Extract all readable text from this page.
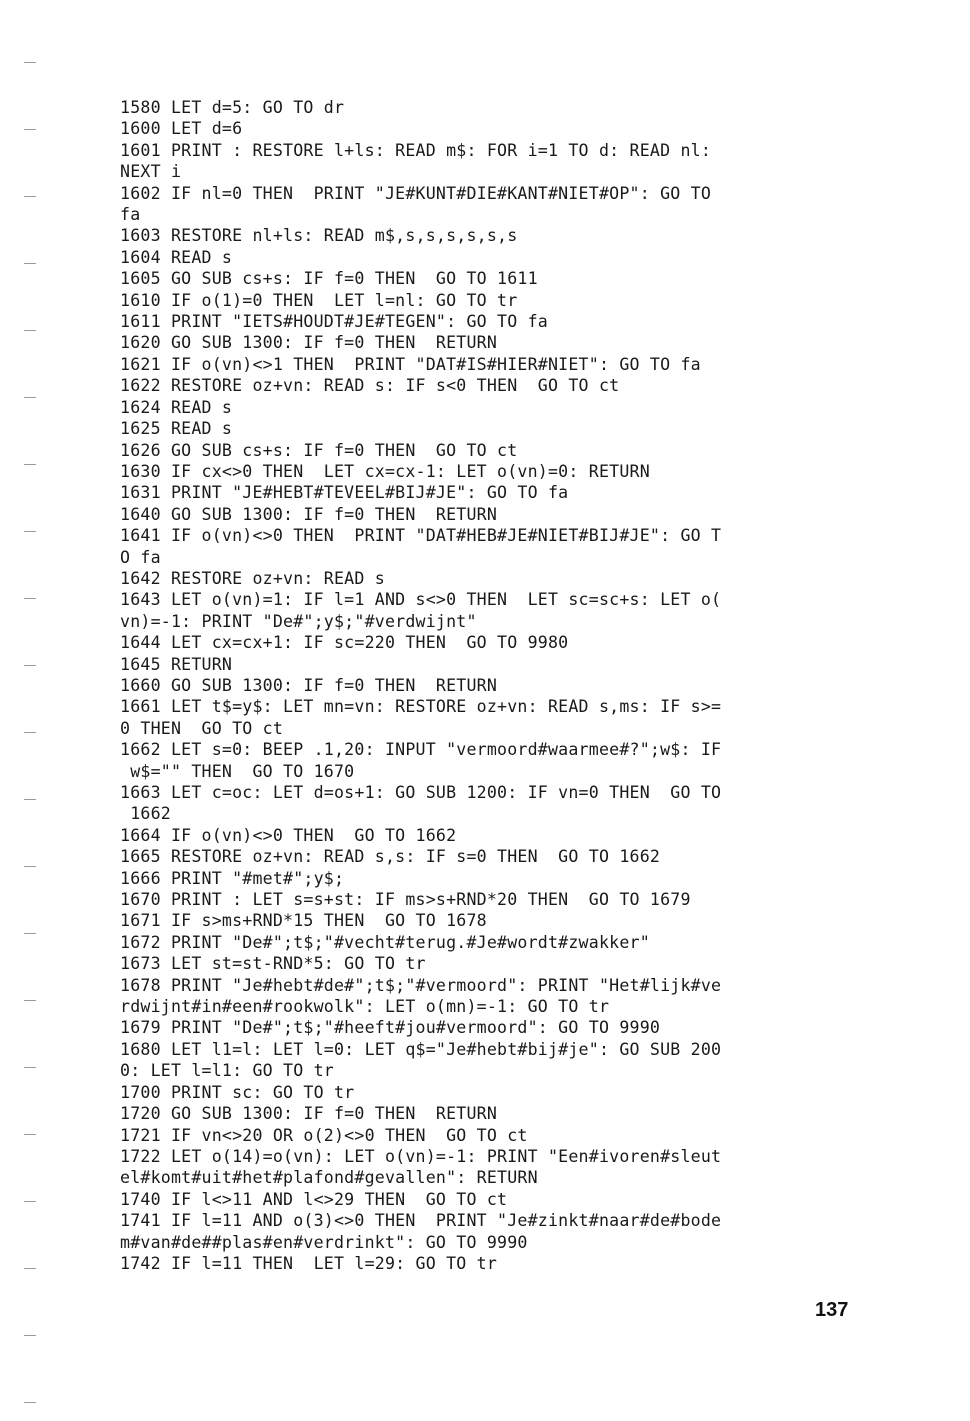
1580 LET d=5: GO TO dr
1600 LET d=6
1601 PRINT : RESTORE l+ls: READ m$: FOR i=1 TO d: READ nl:
NEXT i
1602 IF nl=0 THEN  PRINT "JE#KUNT#DIE#KANT#NIET#OP": GO TO
fa
1603 RESTORE nl+ls: READ m$,s,s,s,s,s,s
1604 READ s
1605 GO SUB cs+s: IF f=0 THEN  GO TO 1611
1610 IF o(1)=0 THEN  LET l=nl: GO TO tr
1611 PRINT "IETS#HOUDT#JE#TEGEN": GO TO fa
1620 GO SUB 1300: IF f=0 THEN  RETURN
1621 IF o(vn)<>1 THEN  PRINT "DAT#IS#HIER#NIET": GO TO fa
1622 RESTORE oz+vn: READ s: IF s<0 THEN  GO TO ct
1624 READ s
1625 READ s
1626 GO SUB cs+s: IF f=0 THEN  GO TO ct
1630 IF cx<>0 THEN  LET cx=cx-1: LET o(vn)=0: RETURN
1631 PRINT "JE#HEBT#TEVEEL#BIJ#JE": GO TO fa
1640 GO SUB 1300: IF f=0 THEN  RETURN
1641 IF o(vn)<>0 THEN  PRINT "DAT#HEB#JE#NIET#BIJ#JE": GO T
O fa
1642 RESTORE oz+vn: READ s
1643 LET o(vn)=1: IF l=1 AND s<>0 THEN  LET sc=sc+s: LET o(
vn)=-1: PRINT "De#";y$;"#verdwijnt"
1644 LET cx=cx+1: IF sc=220 THEN  GO TO 9980
1645 RETURN
1660 GO SUB 1300: IF f=0 THEN  RETURN
1661 LET t$=y$: LET mn=vn: RESTORE oz+vn: READ s,ms: IF s>=
0 THEN  GO TO ct
1662 LET s=0: BEEP .1,20: INPUT "vermoord#waarmee#?";w$: IF
w$="" THEN  GO TO 1670
1663 LET c=oc: LET d=os+1: GO SUB 1200: IF vn=0 THEN  GO TO
1662
1664 IF o(vn)<>0 THEN  GO TO 1662
1665 RESTORE oz+vn: READ s,s: IF s=0 THEN  GO TO 1662
1666 PRINT "#met#";y$;
1670 PRINT : LET s=s+st: IF ms>s+RND*20 THEN  GO TO 1679
1671 IF s>ms+RND*15 THEN  GO TO 1678
1672 PRINT "De#";t$;"#vecht#terug.#Je#wordt#zwakker"
1673 LET st=st-RND*5: GO TO tr
1678 PRINT "Je#hebt#de#";t$;"#vermoord": PRINT "Het#lijk#ve
rdwijnt#in#een#rookwolk": LET o(mn)=-1: GO TO tr
1679 PRINT "De#";t$;"#heeft#jou#vermoord": GO TO 9990
1680 LET l1=l: LET l=0: LET q$="Je#hebt#bij#je": GO SUB 200
0: LET l=l1: GO TO tr
1700 PRINT sc: GO TO tr
1720 GO SUB 1300: IF f=0 THEN  RETURN
1721 IF vn<>20 OR o(2)<>0 THEN  GO TO ct
1722 LET o(14)=o(vn): LET o(vn)=-1: PRINT "Een#ivoren#sleut
el#komt#uit#het#plafond#gevallen": RETURN
1740 IF l<>11 AND l<>29 THEN  GO TO ct
1741 IF l=11 AND o(3)<>0 THEN  PRINT "Je#zinkt#naar#de#bode
m#van#de##plas#en#verdrinkt": GO TO 9990
1742 IF l=11 THEN  LET l=29: GO TO tr
137
